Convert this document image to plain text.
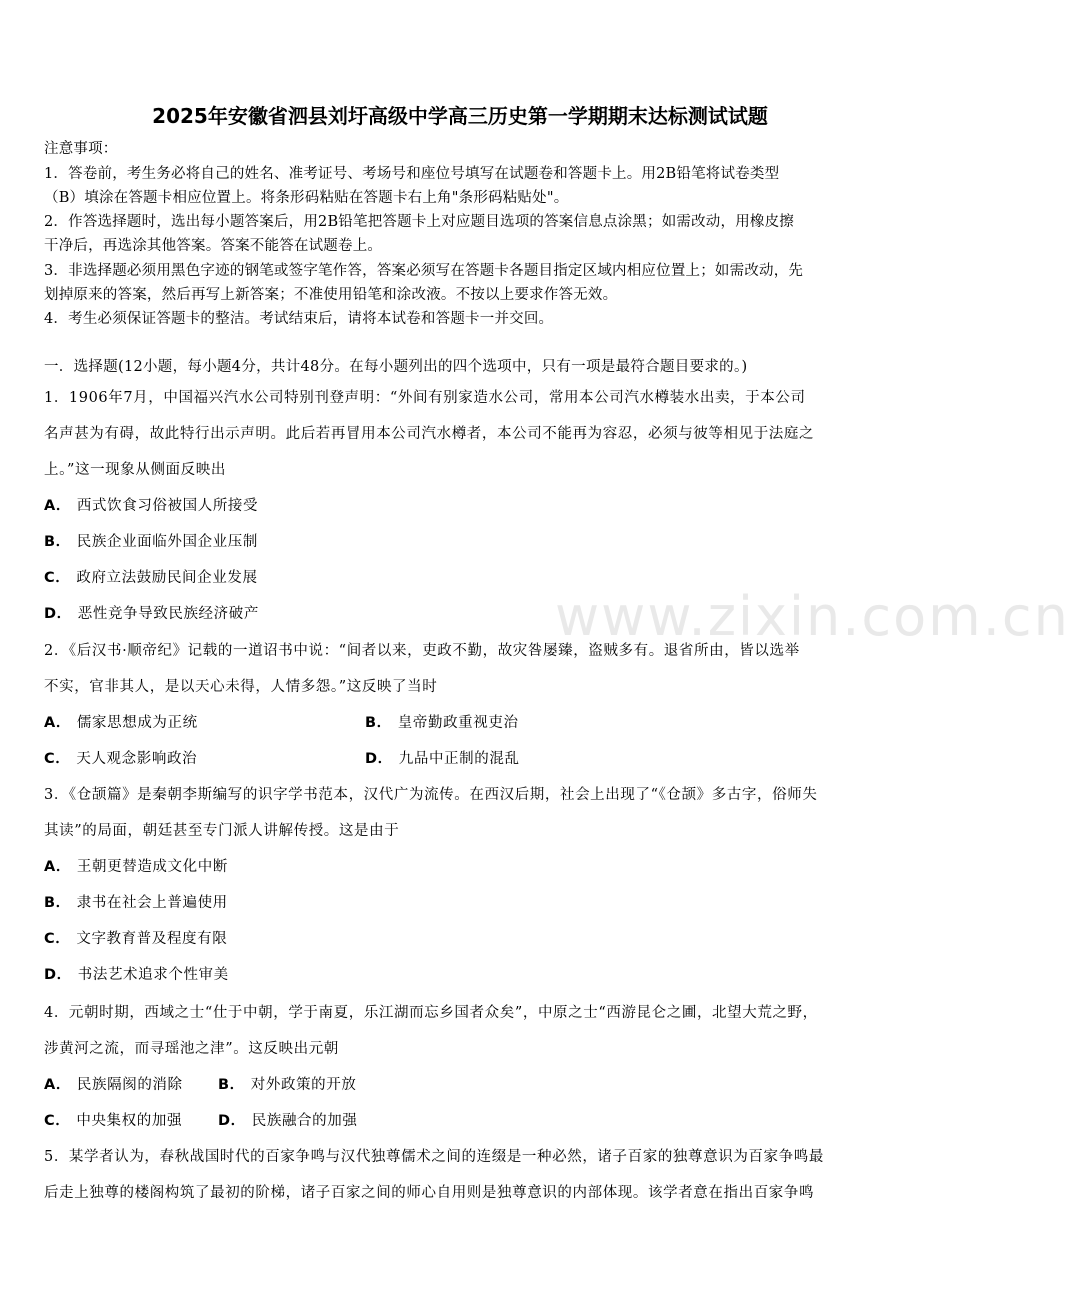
www.zixin.com.cn
2025年安徽省泗县刘圩高级中学高三历史第一学期期末达标测试试题
注意事项：
1．答卷前，考生务必将自己的姓名、准考证号、考场号和座位号填写在试题卷和答题卡上。用2B铅笔将试卷类型
（B）填涂在答题卡相应位置上。将条形码粘贴在答题卡右上角"条形码粘贴处"。
2．作答选择题时，选出每小题答案后，用2B铅笔把答题卡上对应题目选项的答案信息点涂黑；如需改动，用橡皮擦
干净后，再选涂其他答案。答案不能答在试题卷上。
3．非选择题必须用黑色字迹的钢笔或签字笔作答，答案必须写在答题卡各题目指定区域内相应位置上；如需改动，先
划掉原来的答案，然后再写上新答案；不准使用铅笔和涂改液。不按以上要求作答无效。
4．考生必须保证答题卡的整洁。考试结束后，请将本试卷和答题卡一并交回。
一．选择题(12小题，每小题4分，共计48分。在每小题列出的四个选项中，只有一项是最符合题目要求的。)
1．1906年7月，中国福兴汽水公司特别刊登声明：“外间有别家造水公司，常用本公司汽水樽装水出卖，于本公司
名声甚为有碍，故此特行出示声明。此后若再冒用本公司汽水樽者，本公司不能再为容忍，必须与彼等相见于法庭之
上。”这一现象从侧面反映出
A． 西式饮食习俗被国人所接受
B． 民族企业面临外国企业压制
C． 政府立法鼓励民间企业发展
D． 恶性竞争导致民族经济破产
2．《后汉书·顺帝纪》记载的一道诏书中说：“间者以来，吏政不勤，故灾咎屡臻，盗贼多有。退省所由，皆以选举
不实，官非其人，是以天心未得，人情多怨。”这反映了当时
A． 儒家思想成为正统	B． 皇帝勤政重视吏治
C． 天人观念影响政治	D． 九品中正制的混乱
3．《仓颉篇》是秦朝李斯编写的识字学书范本，汉代广为流传。在西汉后期，社会上出现了“《仓颉》多古字，俗师失
其读”的局面，朝廷甚至专门派人讲解传授。这是由于
A． 王朝更替造成文化中断
B． 隶书在社会上普遍使用
C． 文字教育普及程度有限
D． 书法艺术追求个性审美
4．元朝时期，西域之士“仕于中朝，学于南夏，乐江湖而忘乡国者众矣”，中原之士“西游昆仑之圃，北望大荒之野，
涉黄河之流，而寻瑶池之津”。这反映出元朝
A． 民族隔阂的消除 B． 对外政策的开放
C． 中央集权的加强 D． 民族融合的加强
5．某学者认为，春秋战国时代的百家争鸣与汉代独尊儒术之间的连缀是一种必然，诸子百家的独尊意识为百家争鸣最
后走上独尊的楼阁构筑了最初的阶梯，诸子百家之间的师心自用则是独尊意识的内部体现。该学者意在指出百家争鸣
